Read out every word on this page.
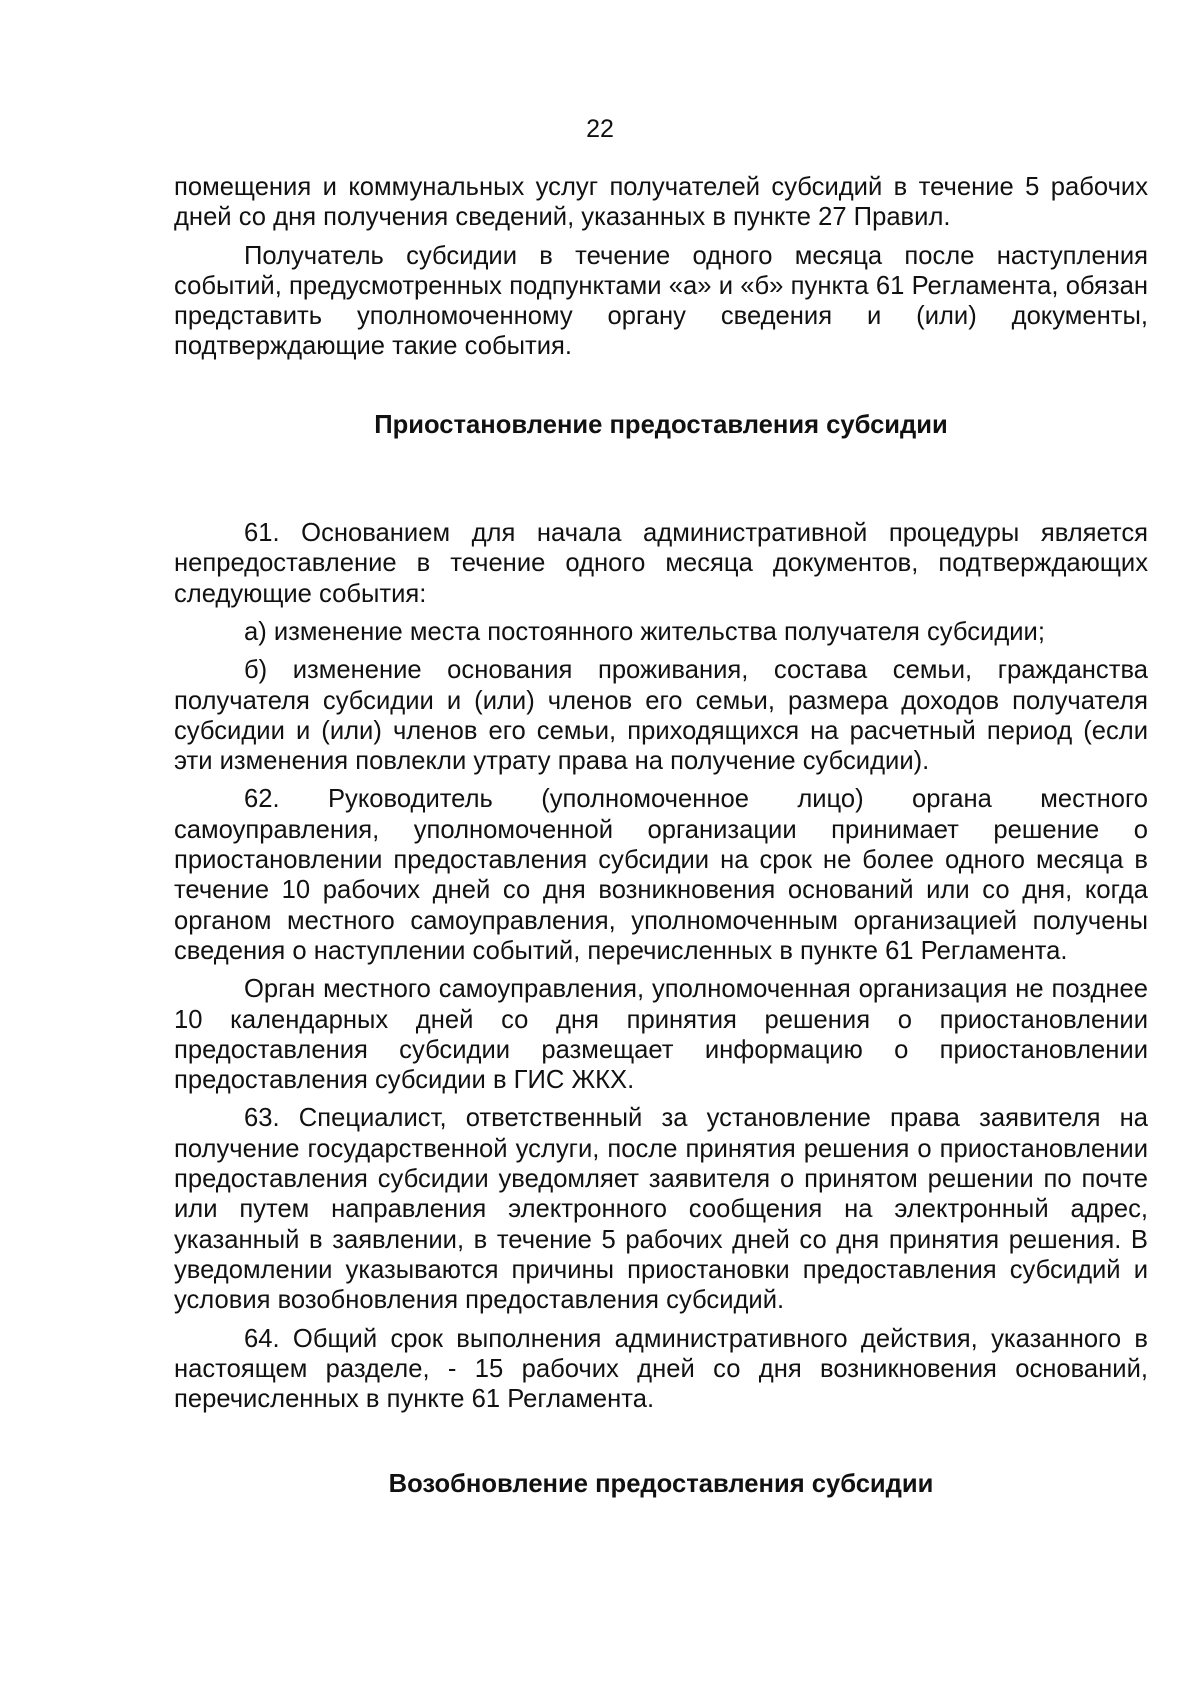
22

помещения и коммунальных услуг получателей субсидий в течение 5 рабочих дней со дня получения сведений, указанных в пункте 27 Правил.

Получатель субсидии в течение одного месяца после наступления событий, предусмотренных подпунктами «а» и «б» пункта 61 Регламента, обязан представить уполномоченному органу сведения и (или) документы, подтверждающие такие события.

Приостановление предоставления субсидии

61. Основанием для начала административной процедуры является непредоставление в течение одного месяца документов, подтверждающих следующие события:

а) изменение места постоянного жительства получателя субсидии;

б) изменение основания проживания, состава семьи, гражданства получателя субсидии и (или) членов его семьи, размера доходов получателя субсидии и (или) членов его семьи, приходящихся на расчетный период (если эти изменения повлекли утрату права на получение субсидии).

62. Руководитель (уполномоченное лицо) органа местного самоуправления, уполномоченной организации принимает решение о приостановлении предоставления субсидии на срок не более одного месяца в течение 10 рабочих дней со дня возникновения оснований или со дня, когда органом местного самоуправления, уполномоченным организацией получены сведения о наступлении событий, перечисленных в пункте 61 Регламента.

Орган местного самоуправления, уполномоченная организация не позднее 10 календарных дней со дня принятия решения о приостановлении предоставления субсидии размещает информацию о приостановлении предоставления субсидии в ГИС ЖКХ.

63. Специалист, ответственный за установление права заявителя на получение государственной услуги, после принятия решения о приостановлении предоставления субсидии уведомляет заявителя о принятом решении по почте или путем направления электронного сообщения на электронный адрес, указанный в заявлении, в течение 5 рабочих дней со дня принятия решения. В уведомлении указываются причины приостановки предоставления субсидий и условия возобновления предоставления субсидий.

64. Общий срок выполнения административного действия, указанного в настоящем разделе, - 15 рабочих дней со дня возникновения оснований, перечисленных в пункте 61 Регламента.

Возобновление предоставления субсидии
